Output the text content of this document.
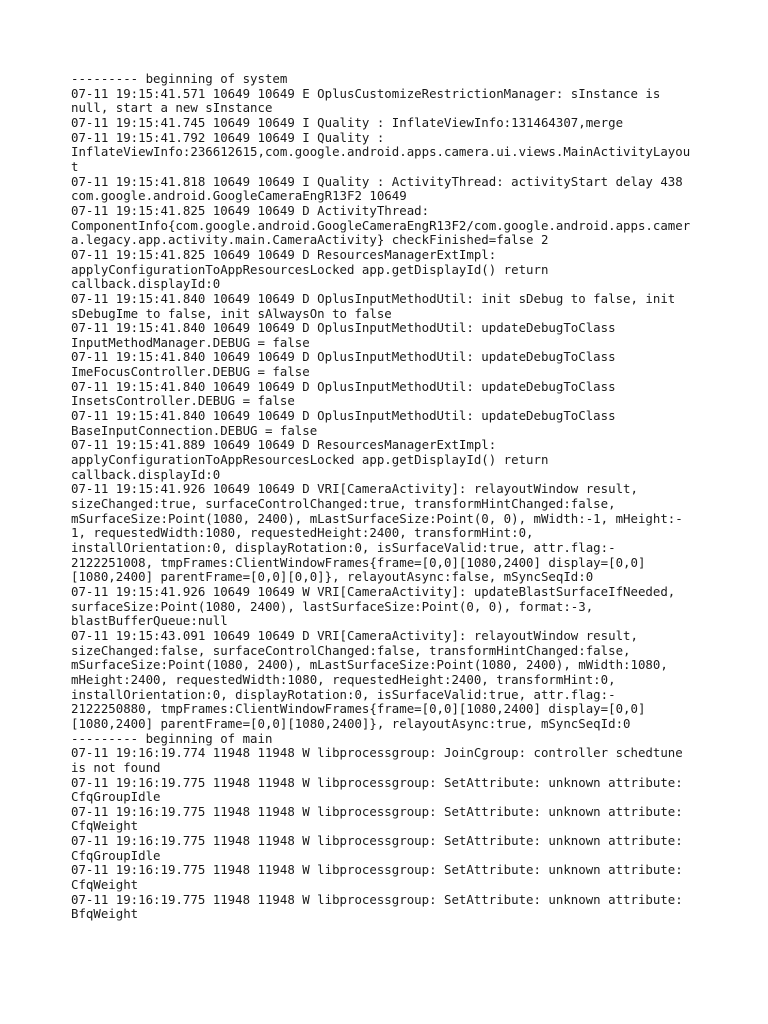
--------- beginning of system
07-11 19:15:41.571 10649 10649 E OplusCustomizeRestrictionManager: sInstance is
null, start a new sInstance
07-11 19:15:41.745 10649 10649 I Quality : InflateViewInfo:131464307,merge
07-11 19:15:41.792 10649 10649 I Quality :
InflateViewInfo:236612615,com.google.android.apps.camera.ui.views.MainActivityLayou
t
07-11 19:15:41.818 10649 10649 I Quality : ActivityThread: activityStart delay 438
com.google.android.GoogleCameraEngR13F2 10649
07-11 19:15:41.825 10649 10649 D ActivityThread:
ComponentInfo{com.google.android.GoogleCameraEngR13F2/com.google.android.apps.camer
a.legacy.app.activity.main.CameraActivity} checkFinished=false 2
07-11 19:15:41.825 10649 10649 D ResourcesManagerExtImpl:
applyConfigurationToAppResourcesLocked app.getDisplayId() return
callback.displayId:0
07-11 19:15:41.840 10649 10649 D OplusInputMethodUtil: init sDebug to false, init
sDebugIme to false, init sAlwaysOn to false
07-11 19:15:41.840 10649 10649 D OplusInputMethodUtil: updateDebugToClass
InputMethodManager.DEBUG = false
07-11 19:15:41.840 10649 10649 D OplusInputMethodUtil: updateDebugToClass
ImeFocusController.DEBUG = false
07-11 19:15:41.840 10649 10649 D OplusInputMethodUtil: updateDebugToClass
InsetsController.DEBUG = false
07-11 19:15:41.840 10649 10649 D OplusInputMethodUtil: updateDebugToClass
BaseInputConnection.DEBUG = false
07-11 19:15:41.889 10649 10649 D ResourcesManagerExtImpl:
applyConfigurationToAppResourcesLocked app.getDisplayId() return
callback.displayId:0
07-11 19:15:41.926 10649 10649 D VRI[CameraActivity]: relayoutWindow result,
sizeChanged:true, surfaceControlChanged:true, transformHintChanged:false,
mSurfaceSize:Point(1080, 2400), mLastSurfaceSize:Point(0, 0), mWidth:-1, mHeight:-
1, requestedWidth:1080, requestedHeight:2400, transformHint:0,
installOrientation:0, displayRotation:0, isSurfaceValid:true, attr.flag:-
2122251008, tmpFrames:ClientWindowFrames{frame=[0,0][1080,2400] display=[0,0]
[1080,2400] parentFrame=[0,0][0,0]}, relayoutAsync:false, mSyncSeqId:0
07-11 19:15:41.926 10649 10649 W VRI[CameraActivity]: updateBlastSurfaceIfNeeded,
surfaceSize:Point(1080, 2400), lastSurfaceSize:Point(0, 0), format:-3,
blastBufferQueue:null
07-11 19:15:43.091 10649 10649 D VRI[CameraActivity]: relayoutWindow result,
sizeChanged:false, surfaceControlChanged:false, transformHintChanged:false,
mSurfaceSize:Point(1080, 2400), mLastSurfaceSize:Point(1080, 2400), mWidth:1080,
mHeight:2400, requestedWidth:1080, requestedHeight:2400, transformHint:0,
installOrientation:0, displayRotation:0, isSurfaceValid:true, attr.flag:-
2122250880, tmpFrames:ClientWindowFrames{frame=[0,0][1080,2400] display=[0,0]
[1080,2400] parentFrame=[0,0][1080,2400]}, relayoutAsync:true, mSyncSeqId:0
--------- beginning of main
07-11 19:16:19.774 11948 11948 W libprocessgroup: JoinCgroup: controller schedtune
is not found
07-11 19:16:19.775 11948 11948 W libprocessgroup: SetAttribute: unknown attribute:
CfqGroupIdle
07-11 19:16:19.775 11948 11948 W libprocessgroup: SetAttribute: unknown attribute:
CfqWeight
07-11 19:16:19.775 11948 11948 W libprocessgroup: SetAttribute: unknown attribute:
CfqGroupIdle
07-11 19:16:19.775 11948 11948 W libprocessgroup: SetAttribute: unknown attribute:
CfqWeight
07-11 19:16:19.775 11948 11948 W libprocessgroup: SetAttribute: unknown attribute:
BfqWeight
